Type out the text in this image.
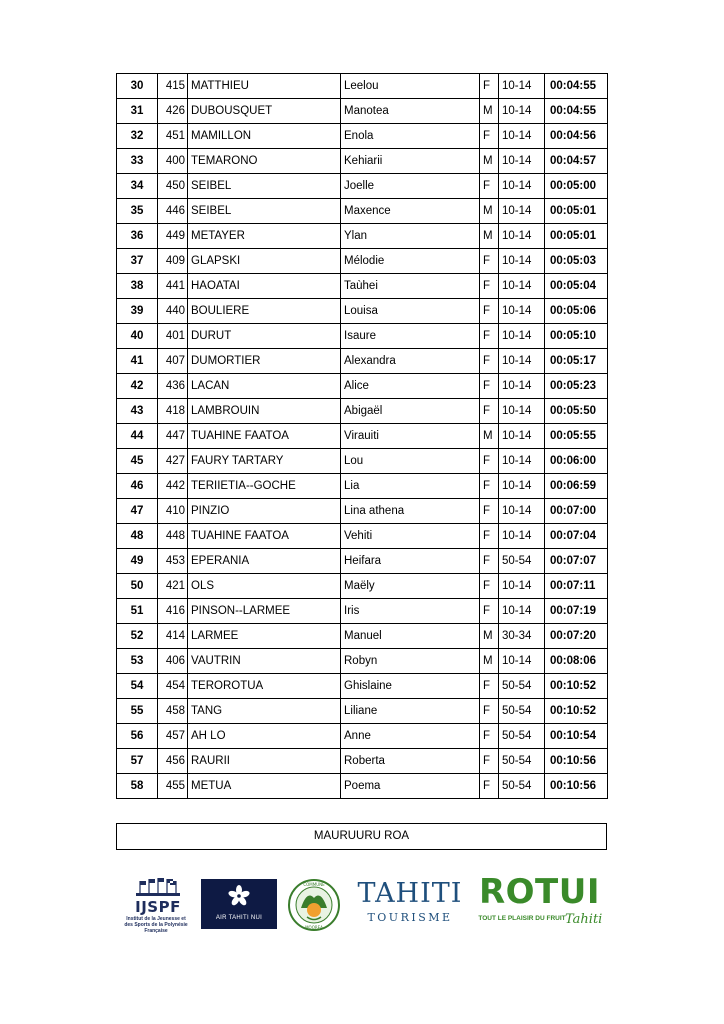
30	415	MATTHIEU	Leelou	F	10-14	00:04:55
31	426	DUBOUSQUET	Manotea	M	10-14	00:04:55
32	451	MAMILLON	Enola	F	10-14	00:04:56
33	400	TEMARONO	Kehiarii	M	10-14	00:04:57
34	450	SEIBEL	Joelle	F	10-14	00:05:00
35	446	SEIBEL	Maxence	M	10-14	00:05:01
36	449	METAYER	Ylan	M	10-14	00:05:01
37	409	GLAPSKI	Mélodie	F	10-14	00:05:03
38	441	HAOATAI	Taùhei	F	10-14	00:05:04
39	440	BOULIERE	Louisa	F	10-14	00:05:06
40	401	DURUT	Isaure	F	10-14	00:05:10
41	407	DUMORTIER	Alexandra	F	10-14	00:05:17
42	436	LACAN	Alice	F	10-14	00:05:23
43	418	LAMBROUIN	Abigaël	F	10-14	00:05:50
44	447	TUAHINE FAATOA	Virauiti	M	10-14	00:05:55
45	427	FAURY TARTARY	Lou	F	10-14	00:06:00
46	442	TERIIETIA--GOCHE	Lia	F	10-14	00:06:59
47	410	PINZIO	Lina athena	F	10-14	00:07:00
48	448	TUAHINE FAATOA	Vehiti	F	10-14	00:07:04
49	453	EPERANIA	Heifara	F	50-54	00:07:07
50	421	OLS	Maëly	F	10-14	00:07:11
51	416	PINSON--LARMEE	Iris	F	10-14	00:07:19
52	414	LARMEE	Manuel	M	30-34	00:07:20
53	406	VAUTRIN	Robyn	M	10-14	00:08:06
54	454	TEROROTUA	Ghislaine	F	50-54	00:10:52
55	458	TANG	Liliane	F	50-54	00:10:52
56	457	AH LO	Anne	F	50-54	00:10:54
57	456	RAURII	Roberta	F	50-54	00:10:56
58	455	METUA	Poema	F	50-54	00:10:56
MAURUURU ROA
IJSPF
Institut de la Jeunesse et des Sports de la Polynésie Française
AIR TAHITI NUI
COMMUNE
MOOREA
TAHITI
TOURISME
ROTUI
TOUT LE PLAISIR DU FRUIT Tahiti
